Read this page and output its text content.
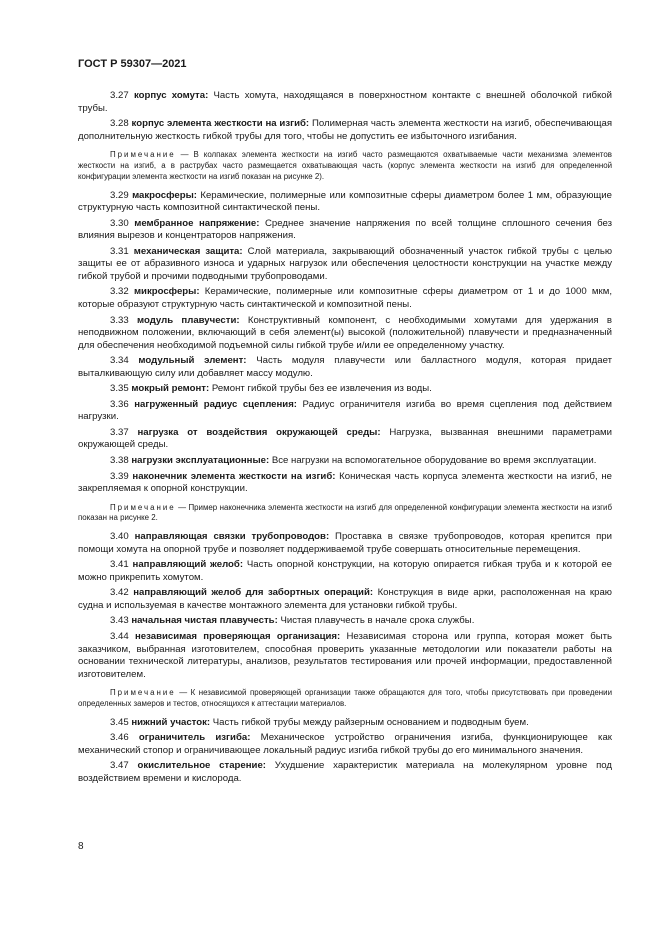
ГОСТ Р 59307—2021
3.27 корпус хомута: Часть хомута, находящаяся в поверхностном контакте с внешней оболочкой гибкой трубы.
3.28 корпус элемента жесткости на изгиб: Полимерная часть элемента жесткости на изгиб, обеспечивающая дополнительную жесткость гибкой трубы для того, чтобы не допустить ее избыточного изгибания.
Примечание — В колпаках элемента жесткости на изгиб часто размещаются охватываемые части механизма элементов жесткости на изгиб, а в раструбах часто размещается охватывающая часть (корпус элемента жесткости на изгиб для определенной конфигурации элемента жесткости на изгиб показан на рисунке 2).
3.29 макросферы: Керамические, полимерные или композитные сферы диаметром более 1 мм, образующие структурную часть композитной синтактической пены.
3.30 мембранное напряжение: Среднее значение напряжения по всей толщине сплошного сечения без влияния вырезов и концентраторов напряжения.
3.31 механическая защита: Слой материала, закрывающий обозначенный участок гибкой трубы с целью защиты ее от абразивного износа и ударных нагрузок или обеспечения целостности конструкции на участке между гибкой трубой и прочими подводными трубопроводами.
3.32 микросферы: Керамические, полимерные или композитные сферы диаметром от 1 и до 1000 мкм, которые образуют структурную часть синтактической и композитной пены.
3.33 модуль плавучести: Конструктивный компонент, с необходимыми хомутами для удержания в неподвижном положении, включающий в себя элемент(ы) высокой (положительной) плавучести и предназначенный для обеспечения необходимой подъемной силы гибкой трубе и/или ее определенному участку.
3.34 модульный элемент: Часть модуля плавучести или балластного модуля, которая придает выталкивающую силу или добавляет массу модулю.
3.35 мокрый ремонт: Ремонт гибкой трубы без ее извлечения из воды.
3.36 нагруженный радиус сцепления: Радиус ограничителя изгиба во время сцепления под действием нагрузки.
3.37 нагрузка от воздействия окружающей среды: Нагрузка, вызванная внешними параметрами окружающей среды.
3.38 нагрузки эксплуатационные: Все нагрузки на вспомогательное оборудование во время эксплуатации.
3.39 наконечник элемента жесткости на изгиб: Коническая часть корпуса элемента жесткости на изгиб, не закрепляемая к опорной конструкции.
Примечание — Пример наконечника элемента жесткости на изгиб для определенной конфигурации элемента жесткости на изгиб показан на рисунке 2.
3.40 направляющая связки трубопроводов: Проставка в связке трубопроводов, которая крепится при помощи хомута на опорной трубе и позволяет поддерживаемой трубе совершать относительные перемещения.
3.41 направляющий желоб: Часть опорной конструкции, на которую опирается гибкая труба и к которой ее можно прикрепить хомутом.
3.42 направляющий желоб для забортных операций: Конструкция в виде арки, расположенная на краю судна и используемая в качестве монтажного элемента для установки гибкой трубы.
3.43 начальная чистая плавучесть: Чистая плавучесть в начале срока службы.
3.44 независимая проверяющая организация: Независимая сторона или группа, которая может быть заказчиком, выбранная изготовителем, способная проверить указанные методологии или показатели работы на основании технической литературы, анализов, результатов тестирования или прочей информации, предоставленной изготовителем.
Примечание — К независимой проверяющей организации также обращаются для того, чтобы присутствовать при проведении определенных замеров и тестов, относящихся к аттестации материалов.
3.45 нижний участок: Часть гибкой трубы между райзерным основанием и подводным буем.
3.46 ограничитель изгиба: Механическое устройство ограничения изгиба, функционирующее как механический стопор и ограничивающее локальный радиус изгиба гибкой трубы до его минимального значения.
3.47 окислительное старение: Ухудшение характеристик материала на молекулярном уровне под воздействием времени и кислорода.
8
